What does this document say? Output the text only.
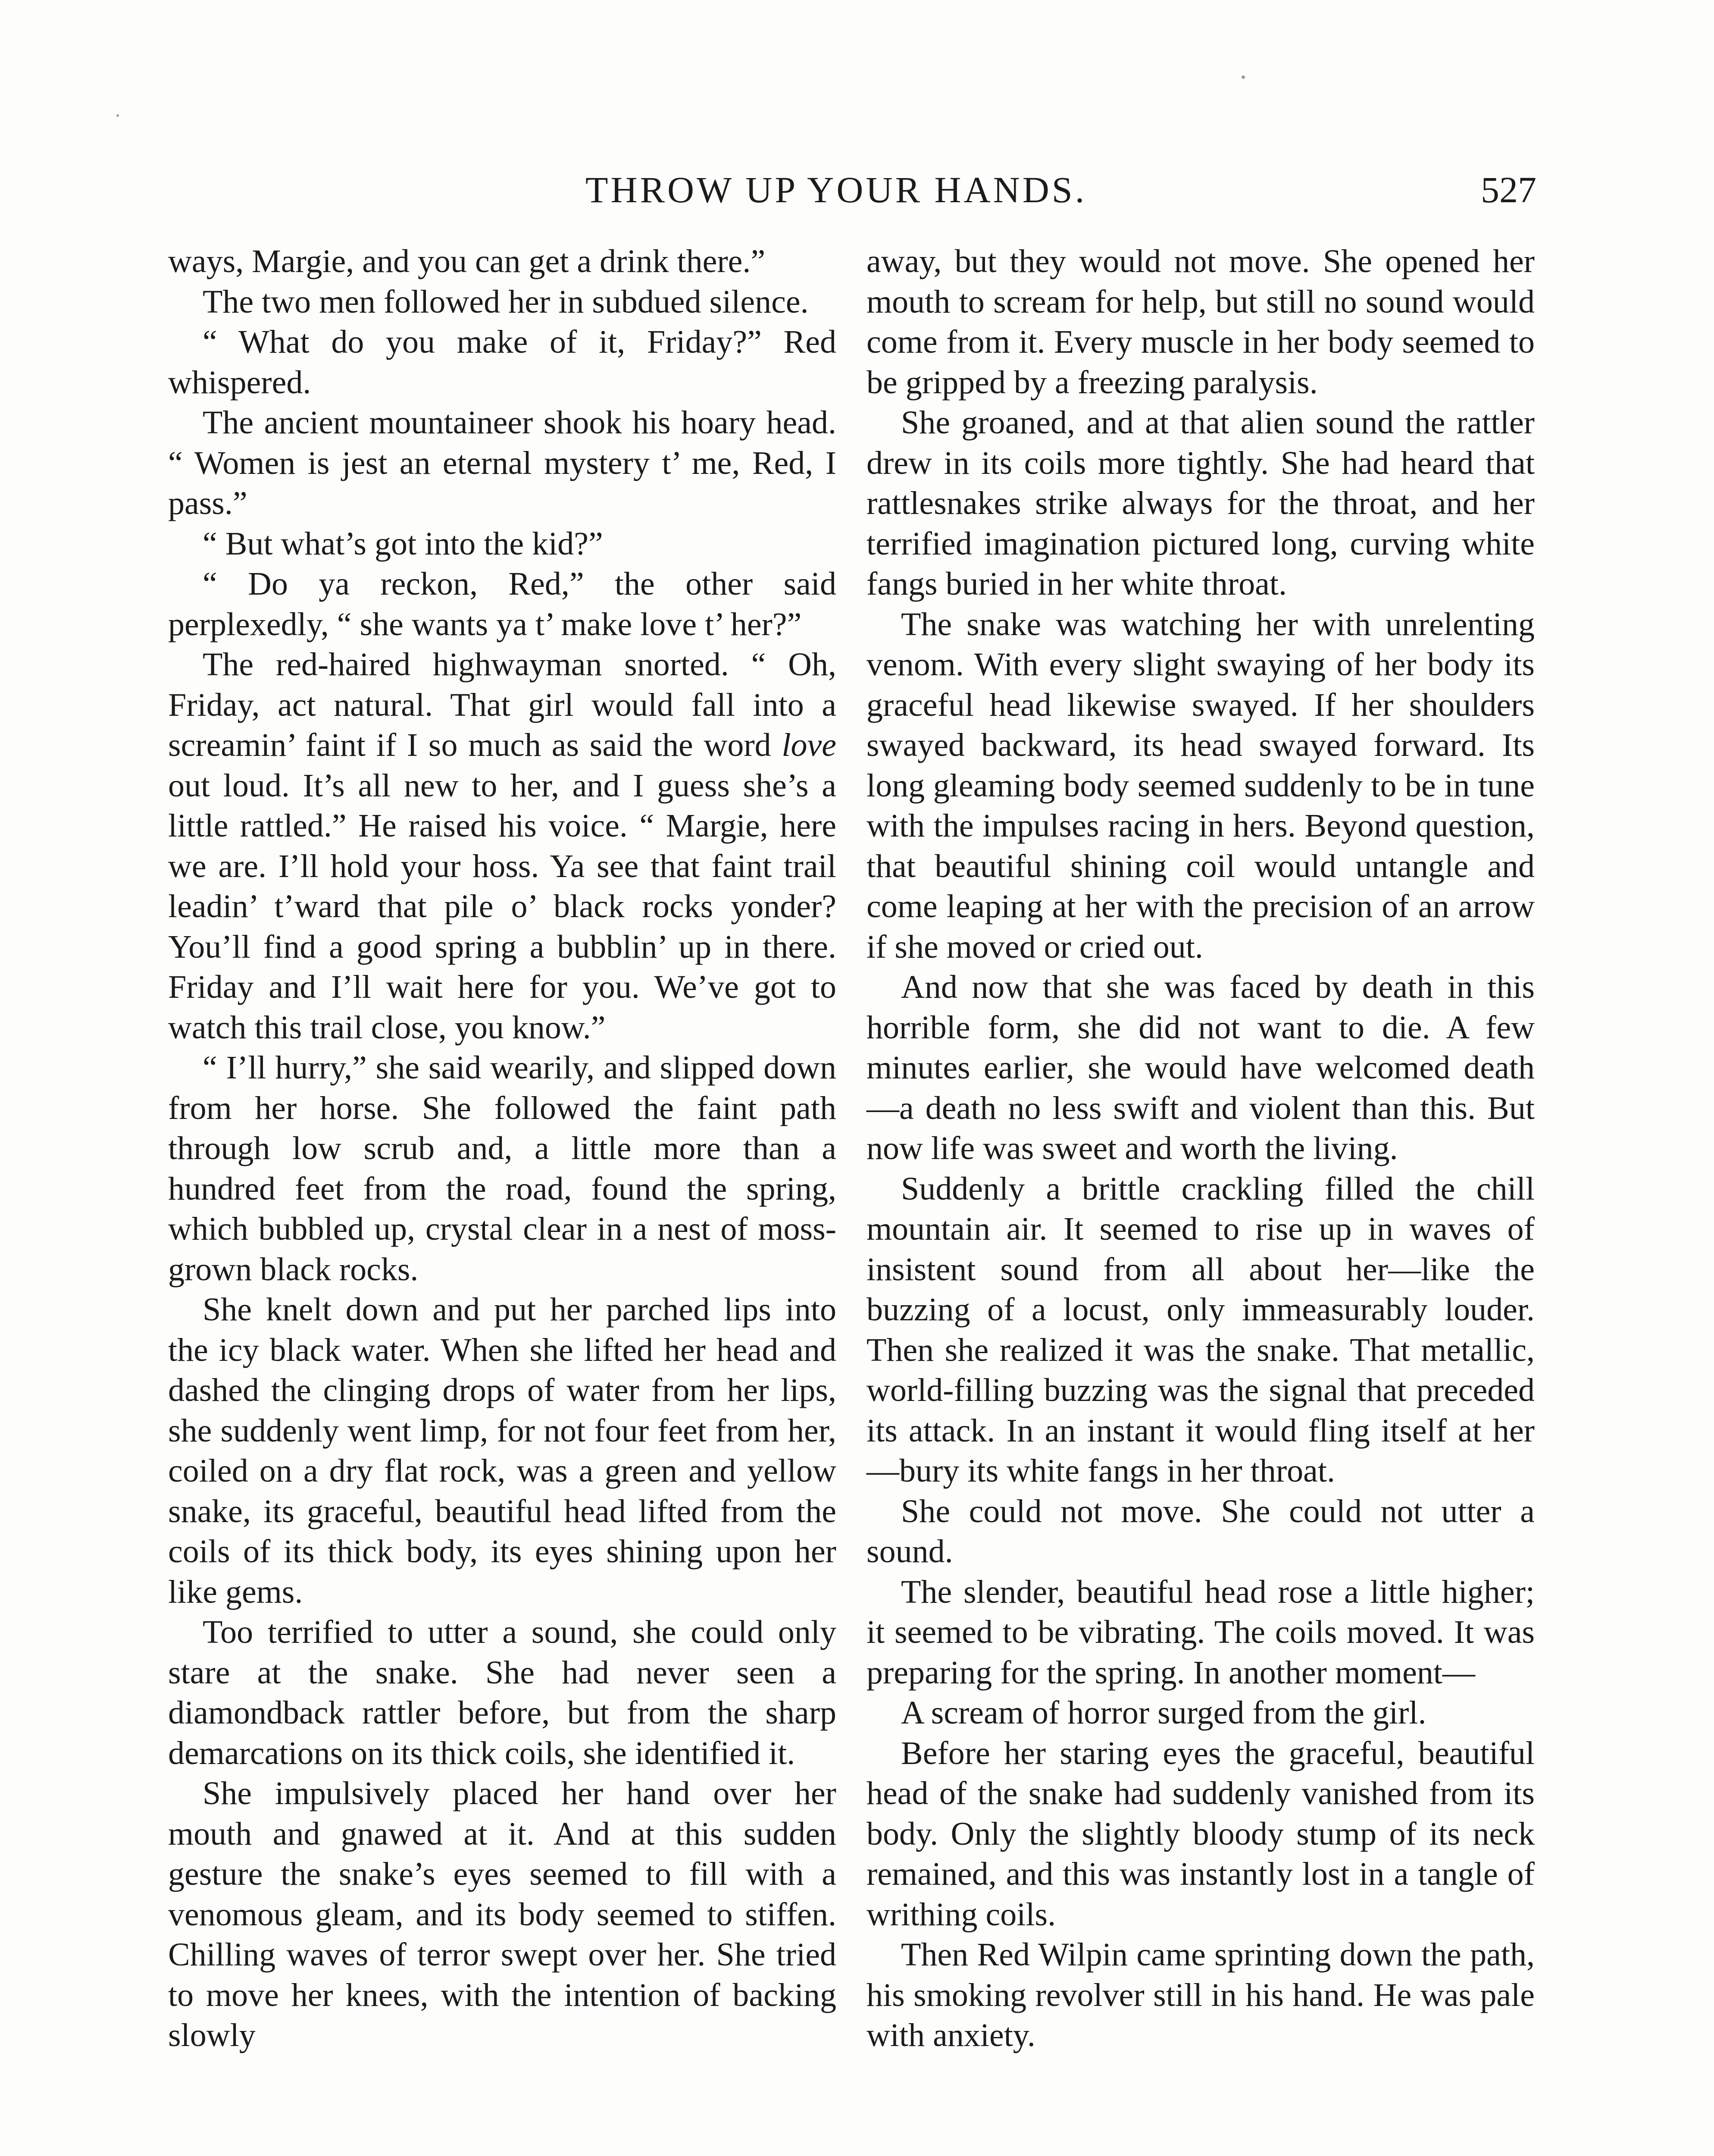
THROW UP YOUR HANDS.	527

ways, Margie, and you can get a drink there.”

The two men followed her in subdued silence.

“ What do you make of it, Friday?” Red whispered.

The ancient mountaineer shook his hoary head. “ Women is jest an eternal mystery t’ me, Red, I pass.”

“ But what’s got into the kid?”

“ Do ya reckon, Red,” the other said perplexedly, “ she wants ya t’ make love t’ her?”

The red-haired highwayman snorted. “ Oh, Friday, act natural. That girl would fall into a screamin’ faint if I so much as said the word love out loud. It’s all new to her, and I guess she’s a little rattled.” He raised his voice. “ Margie, here we are. I’ll hold your hoss. Ya see that faint trail leadin’ t’ward that pile o’ black rocks yonder? You’ll find a good spring a bubblin’ up in there. Friday and I’ll wait here for you. We’ve got to watch this trail close, you know.”

“ I’ll hurry,” she said wearily, and slipped down from her horse. She followed the faint path through low scrub and, a little more than a hundred feet from the road, found the spring, which bubbled up, crystal clear in a nest of moss-grown black rocks.

She knelt down and put her parched lips into the icy black water. When she lifted her head and dashed the clinging drops of water from her lips, she suddenly went limp, for not four feet from her, coiled on a dry flat rock, was a green and yellow snake, its graceful, beautiful head lifted from the coils of its thick body, its eyes shining upon her like gems.

Too terrified to utter a sound, she could only stare at the snake. She had never seen a diamondback rattler before, but from the sharp demarcations on its thick coils, she identified it.

She impulsively placed her hand over her mouth and gnawed at it. And at this sudden gesture the snake’s eyes seemed to fill with a venomous gleam, and its body seemed to stiffen. Chilling waves of terror swept over her. She tried to move her knees, with the intention of backing slowly

away, but they would not move. She opened her mouth to scream for help, but still no sound would come from it. Every muscle in her body seemed to be gripped by a freezing paralysis.

She groaned, and at that alien sound the rattler drew in its coils more tightly. She had heard that rattlesnakes strike always for the throat, and her terrified imagination pictured long, curving white fangs buried in her white throat.

The snake was watching her with unrelenting venom. With every slight swaying of her body its graceful head likewise swayed. If her shoulders swayed backward, its head swayed forward. Its long gleaming body seemed suddenly to be in tune with the impulses racing in hers. Beyond question, that beautiful shining coil would untangle and come leaping at her with the precision of an arrow if she moved or cried out.

And now that she was faced by death in this horrible form, she did not want to die. A few minutes earlier, she would have welcomed death—a death no less swift and violent than this. But now life was sweet and worth the living.

Suddenly a brittle crackling filled the chill mountain air. It seemed to rise up in waves of insistent sound from all about her—like the buzzing of a locust, only immeasurably louder. Then she realized it was the snake. That metallic, world-filling buzzing was the signal that preceded its attack. In an instant it would fling itself at her—bury its white fangs in her throat.

She could not move. She could not utter a sound.

The slender, beautiful head rose a little higher; it seemed to be vibrating. The coils moved. It was preparing for the spring. In another moment—

A scream of horror surged from the girl.

Before her staring eyes the graceful, beautiful head of the snake had suddenly vanished from its body. Only the slightly bloody stump of its neck remained, and this was instantly lost in a tangle of writhing coils.

Then Red Wilpin came sprinting down the path, his smoking revolver still in his hand. He was pale with anxiety.
